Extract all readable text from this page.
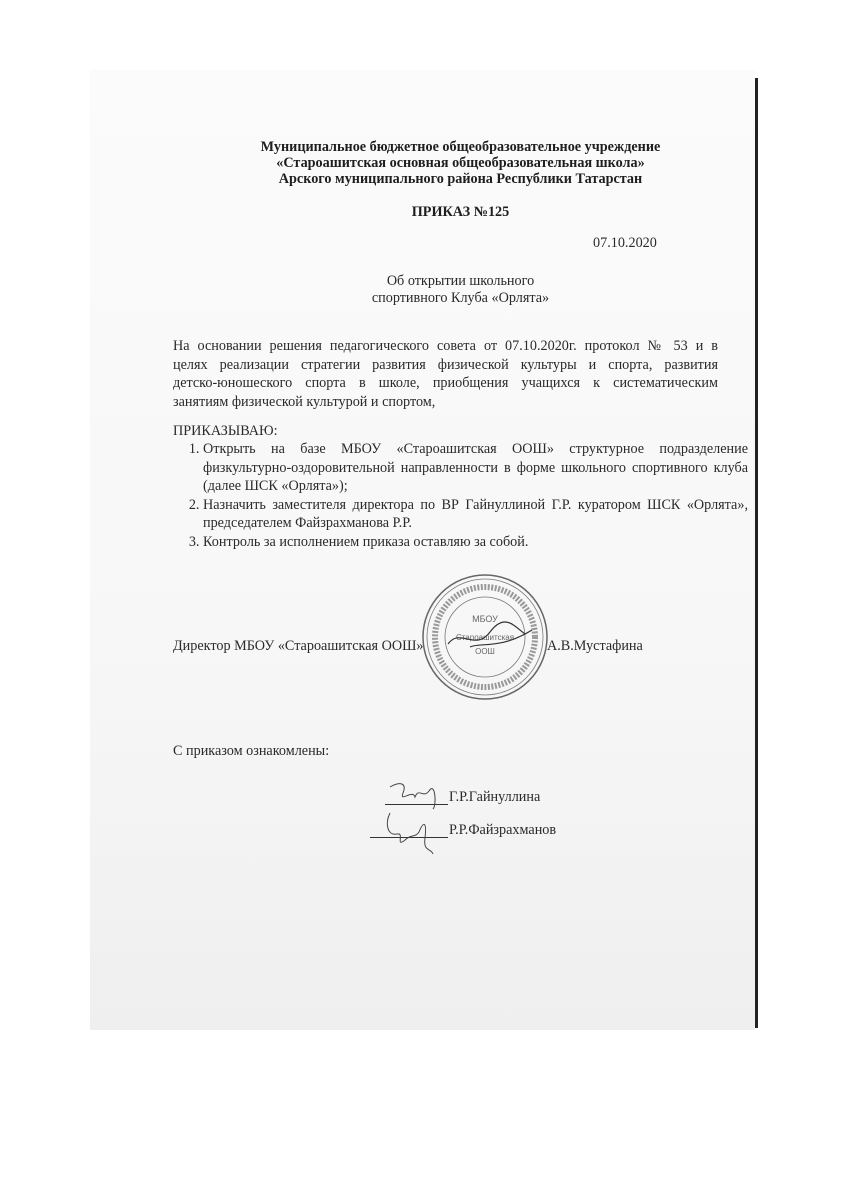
Муниципальное бюджетное общеобразовательное учреждение
«Староашитская основная общеобразовательная школа»
Арского муниципального района Республики Татарстан
ПРИКАЗ №125
07.10.2020
Об открытии школьного
спортивного Клуба «Орлята»
На основании решения педагогического совета от 07.10.2020г. протокол № 53 и в
целях реализации стратегии развития физической культуры и спорта, развития
детско-юношеского спорта в школе, приобщения учащихся к систематическим
занятиям физической культурой и спортом,
ПРИКАЗЫВАЮ:
1. Открыть на базе МБОУ «Староашитская ООШ» структурное подразделение физкультурно-оздоровительной направленности в форме школьного спортивного клуба (далее ШСК «Орлята»);
2. Назначить заместителя директора по ВР Гайнуллиной Г.Р. куратором ШСК «Орлята», председателем Файзрахманова Р.Р.
3. Контроль за исполнением приказа оставляю за собой.
Директор МБОУ «Староашитская ООШ»	А.В.Мустафина
МБОУ
Староашитская
ООШ
С приказом ознакомлены:
Г.Р.Гайнуллина
Р.Р.Файзрахманов
